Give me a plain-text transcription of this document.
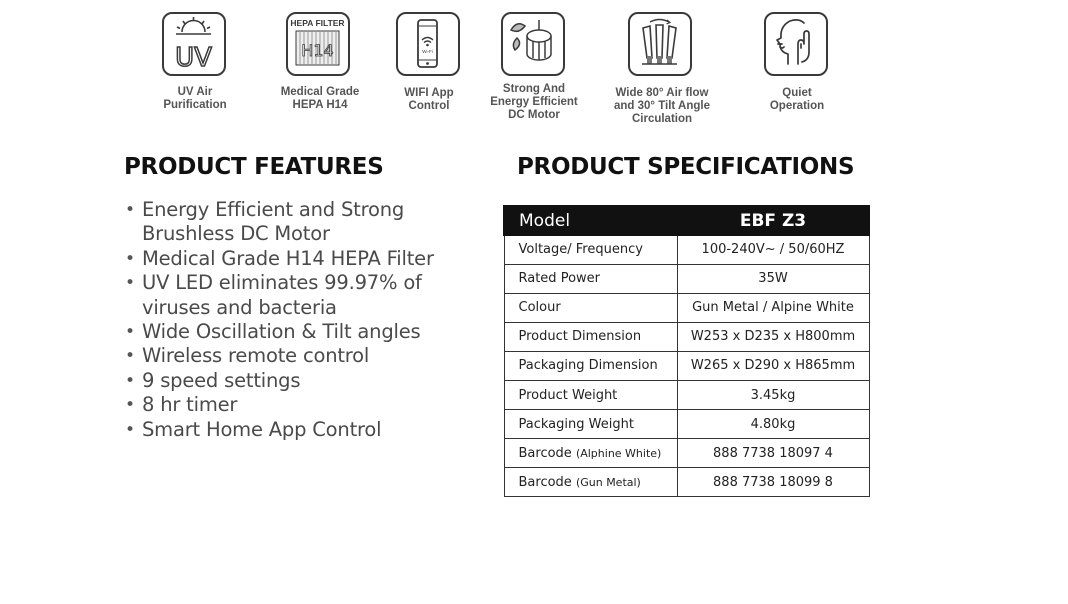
UV
HEPA FILTER
H14	Wi-Fi
UV Air
Purification
Medical Grade
HEPA H14
WIFI App
Control
Strong And
Energy Efficient
DC Motor
Wide 80° Air flow
and 30° Tilt Angle
Circulation
Quiet
Operation
PRODUCT FEATURES
• Energy Efficient and Strong Brushless DC Motor
• Medical Grade H14 HEPA Filter
• UV LED eliminates 99.97% of viruses and bacteria
• Wide Oscillation & Tilt angles
• Wireless remote control
• 9 speed settings
• 8 hr timer
• Smart Home App Control
PRODUCT SPECIFICATIONS
Model	EBF Z3
Voltage/ Frequency	100-240V~ / 50/60HZ
Rated Power	35W
Colour	Gun Metal / Alpine White
Product Dimension	W253 x D235 x H800mm
Packaging Dimension	W265 x D290 x H865mm
Product Weight	3.45kg
Packaging Weight	4.80kg
Barcode (Alphine White)	888 7738 18097 4
Barcode (Gun Metal)	888 7738 18099 8
